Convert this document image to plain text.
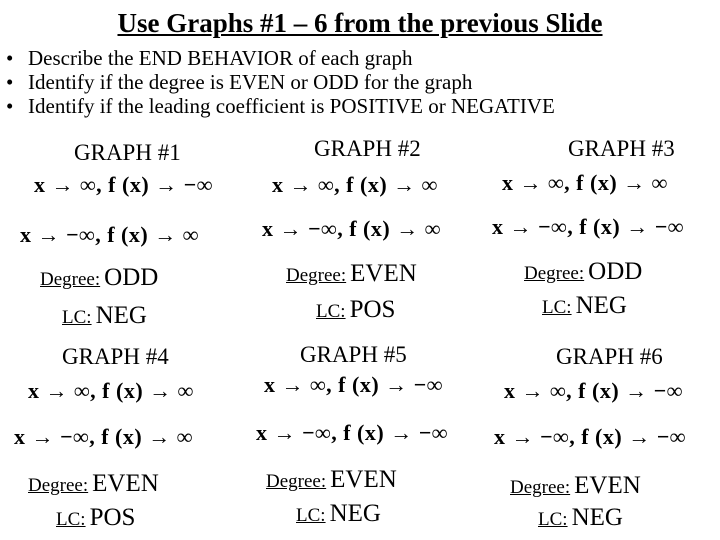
Use Graphs #1 – 6 from the previous Slide
• Describe the END BEHAVIOR of each graph
• Identify if the degree is EVEN or ODD for the graph
• Identify if the leading coefficient is POSITIVE or NEGATIVE
GRAPH #1
x → ∞, f (x) → −∞
x → −∞, f (x) → ∞
Degree: ODD
LC: NEG
GRAPH #2
x → ∞, f (x) → ∞
x → −∞, f (x) → ∞
Degree: EVEN
LC: POS
GRAPH #3
x → ∞, f (x) → ∞
x → −∞, f (x) → −∞
Degree: ODD
LC: NEG
GRAPH #4
x → ∞, f (x) → ∞
x → −∞, f (x) → ∞
Degree: EVEN
LC: POS
GRAPH #5
x → ∞, f (x) → −∞
x → −∞, f (x) → −∞
Degree: EVEN
LC: NEG
GRAPH #6
x → ∞, f (x) → −∞
x → −∞, f (x) → −∞
Degree: EVEN
LC: NEG
